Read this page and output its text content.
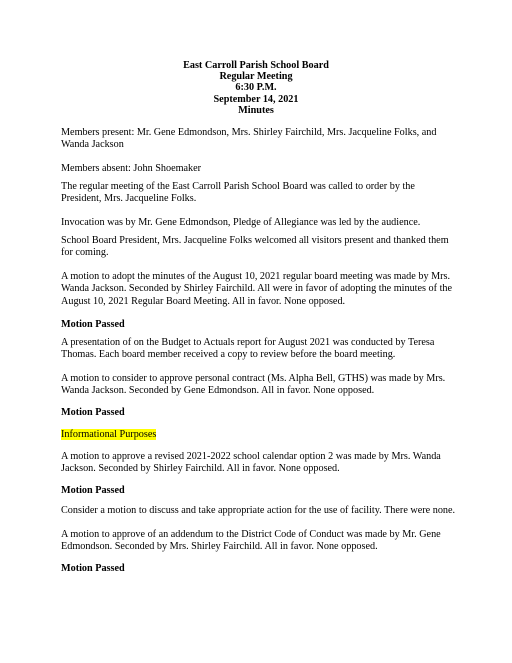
East Carroll Parish School Board
Regular Meeting
6:30 P.M.
September 14, 2021
Minutes

Members present: Mr. Gene Edmondson, Mrs. Shirley Fairchild, Mrs. Jacqueline Folks, and Wanda Jackson

Members absent: John Shoemaker

The regular meeting of the East Carroll Parish School Board was called to order by the President, Mrs. Jacqueline Folks.

Invocation was by Mr. Gene Edmondson, Pledge of Allegiance was led by the audience.

School Board President, Mrs. Jacqueline Folks welcomed all visitors present and thanked them for coming.

A motion to adopt the minutes of the August 10, 2021 regular board meeting was made by Mrs. Wanda Jackson. Seconded by Shirley Fairchild. All were in favor of adopting the minutes of the August 10, 2021 Regular Board Meeting. All in favor. None opposed.

Motion Passed

A presentation of on the Budget to Actuals report for August 2021 was conducted by Teresa Thomas. Each board member received a copy to review before the board meeting.

A motion to consider to approve personal contract (Ms. Alpha Bell, GTHS) was made by Mrs. Wanda Jackson. Seconded by Gene Edmondson. All in favor. None opposed.

Motion Passed

Informational Purposes

A motion to approve a revised 2021-2022 school calendar option 2 was made by Mrs. Wanda Jackson. Seconded by Shirley Fairchild. All in favor. None opposed.

Motion Passed

Consider a motion to discuss and take appropriate action for the use of facility. There were none.

A motion to approve of an addendum to the District Code of Conduct was made by Mr. Gene Edmondson. Seconded by Mrs. Shirley Fairchild. All in favor. None opposed.

Motion Passed
